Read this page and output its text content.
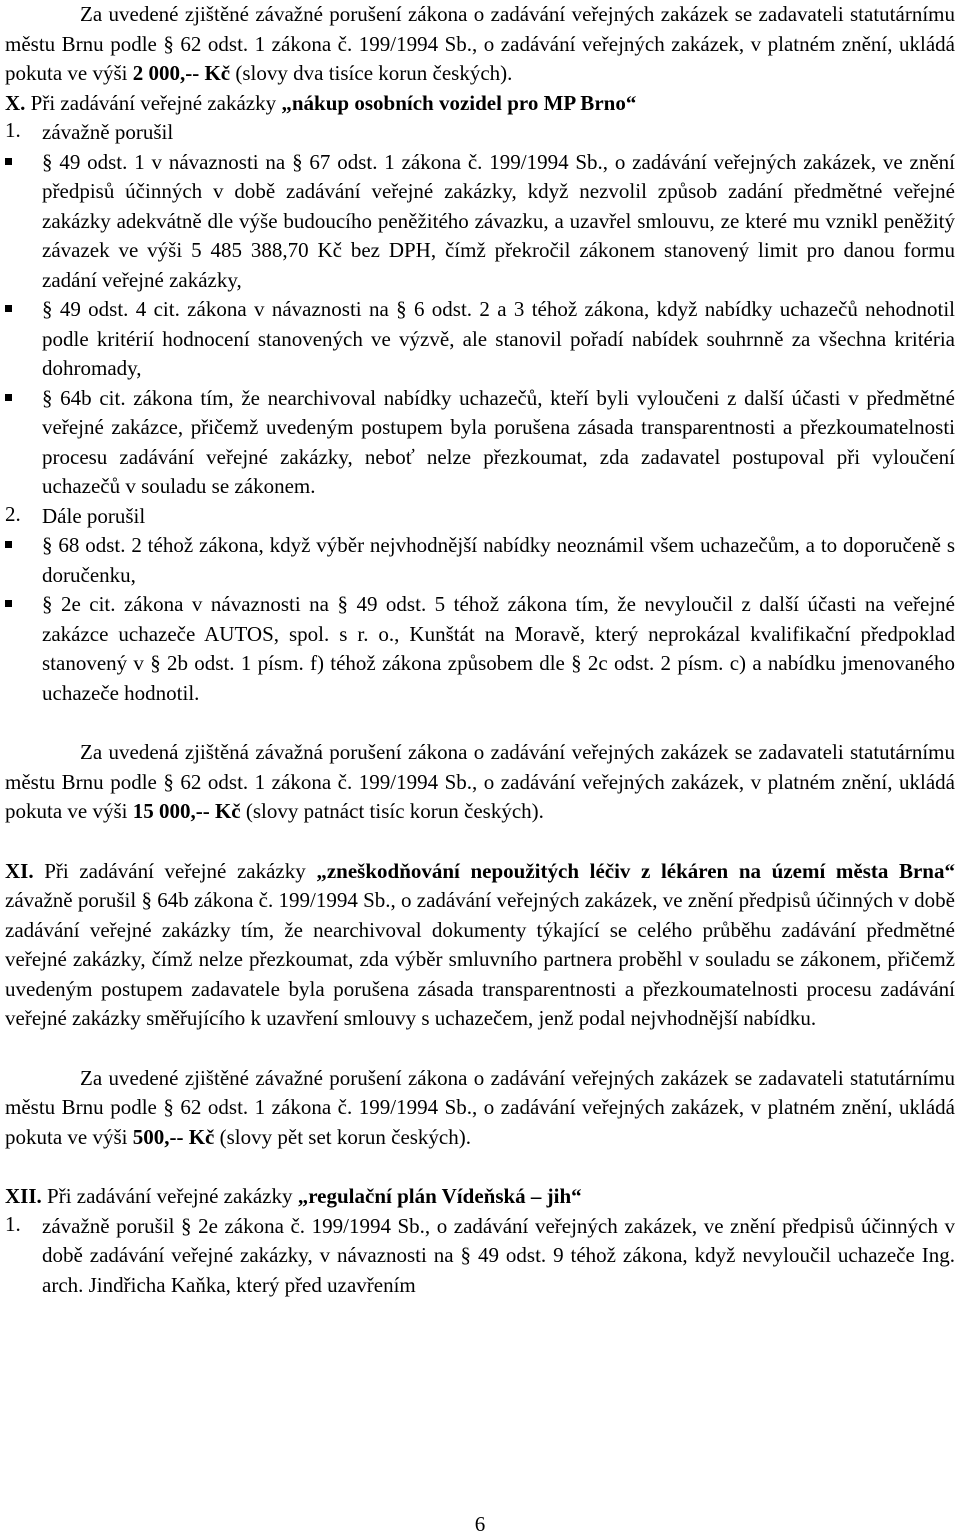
Za uvedené zjištěné závažné porušení zákona o zadávání veřejných zakázek se zadavateli statutárnímu městu Brnu podle § 62 odst. 1 zákona č. 199/1994 Sb., o zadávání veřejných zakázek, v platném znění, ukládá pokuta ve výši 2 000,-- Kč (slovy dva tisíce korun českých).

X. Při zadávání veřejné zakázky „nákup osobních vozidel pro MP Brno“

1.	závažně porušil
§ 49 odst. 1 v návaznosti na § 67 odst. 1 zákona č. 199/1994 Sb., o zadávání veřejných zakázek, ve znění předpisů účinných v době zadávání veřejné zakázky, když nezvolil způsob zadání předmětné veřejné zakázky adekvátně dle výše budoucího peněžitého závazku, a uzavřel smlouvu, ze které mu vznikl peněžitý závazek ve výši 5 485 388,70 Kč bez DPH, čímž překročil zákonem stanovený limit pro danou formu zadání veřejné zakázky,
§ 49 odst. 4 cit. zákona v návaznosti na § 6 odst. 2 a 3 téhož zákona, když nabídky uchazečů nehodnotil podle kritérií hodnocení stanovených ve výzvě, ale stanovil pořadí nabídek souhrnně za všechna kritéria dohromady,
§ 64b cit. zákona tím, že nearchivoval nabídky uchazečů, kteří byli vyloučeni z další účasti v předmětné veřejné zakázce, přičemž uvedeným postupem byla porušena zásada transparentnosti a přezkoumatelnosti procesu zadávání veřejné zakázky, neboť nelze přezkoumat, zda zadavatel postupoval při vyloučení uchazečů v souladu se zákonem.
2.	Dále porušil
§ 68 odst. 2 téhož zákona, když výběr nejvhodnější nabídky neoznámil všem uchazečům, a to doporučeně s doručenku,
§ 2e cit. zákona v návaznosti na § 49 odst. 5 téhož zákona tím, že nevyloučil z další účasti na veřejné zakázce uchazeče AUTOS, spol. s r. o., Kunštát na Moravě, který neprokázal kvalifikační předpoklad stanovený v § 2b odst. 1 písm. f) téhož zákona způsobem dle § 2c odst. 2 písm. c) a nabídku jmenovaného uchazeče hodnotil.

Za uvedená zjištěná závažná porušení zákona o zadávání veřejných zakázek se zadavateli statutárnímu městu Brnu podle § 62 odst. 1 zákona č. 199/1994 Sb., o zadávání veřejných zakázek, v platném znění, ukládá pokuta ve výši 15 000,-- Kč (slovy patnáct tisíc korun českých).

XI. Při zadávání veřejné zakázky „zneškodňování nepoužitých léčiv z lékáren na území města Brna“ závažně porušil § 64b zákona č. 199/1994 Sb., o zadávání veřejných zakázek, ve znění předpisů účinných v době zadávání veřejné zakázky tím, že nearchivoval dokumenty týkající se celého průběhu zadávání předmětné veřejné zakázky, čímž nelze přezkoumat, zda výběr smluvního partnera proběhl v souladu se zákonem, přičemž uvedeným postupem zadavatele byla porušena zásada transparentnosti a přezkoumatelnosti procesu zadávání veřejné zakázky směřujícího k uzavření smlouvy s uchazečem, jenž podal nejvhodnější nabídku.

Za uvedené zjištěné závažné porušení zákona o zadávání veřejných zakázek se zadavateli statutárnímu městu Brnu podle § 62 odst. 1 zákona č. 199/1994 Sb., o zadávání veřejných zakázek, v platném znění, ukládá pokuta ve výši 500,-- Kč (slovy pět set korun českých).

XII. Při zadávání veřejné zakázky „regulační plán Vídeňská – jih“

1.	závažně porušil § 2e zákona č. 199/1994 Sb., o zadávání veřejných zakázek, ve znění předpisů účinných v době zadávání veřejné zakázky, v návaznosti na § 49 odst. 9 téhož zákona, když nevyloučil uchazeče Ing. arch. Jindřicha Kaňka, který před uzavřením
6
